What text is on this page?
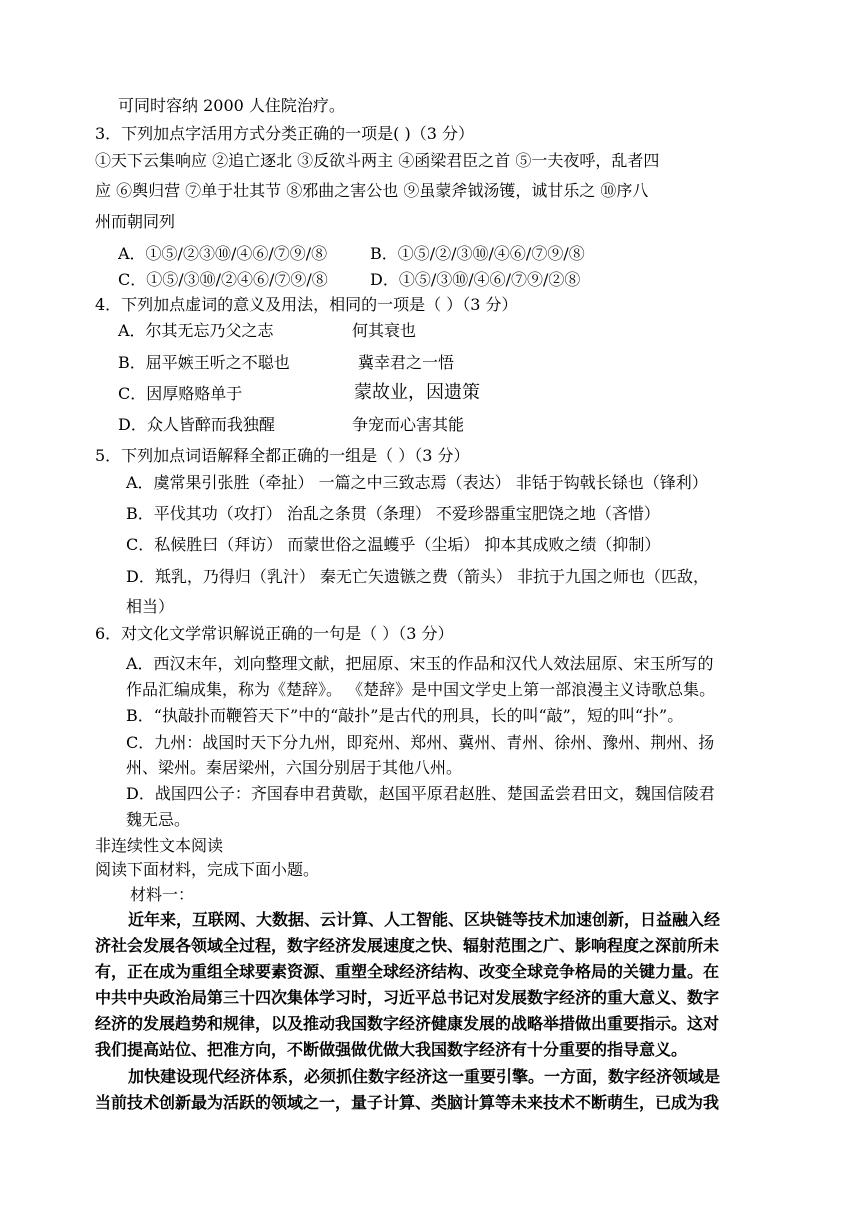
可同时容纳 2000 人住院治疗。
3．下列加点字活用方式分类正确的一项是( )（3 分）
①天下云集响应 ②追亡逐北 ③反欲斗两主 ④函梁君臣之首 ⑤一夫夜呼，乱者四
应 ⑥舆归营 ⑦单于壮其节 ⑧邪曲之害公也 ⑨虽蒙斧钺汤镬，诚甘乐之 ⑩序八
州而朝同列
A．①⑤/②③⑩/④⑥/⑦⑨/⑧	B．①⑤/②/③⑩/④⑥/⑦⑨/⑧
C．①⑤/③⑩/②④⑥/⑦⑨/⑧	D．①⑤/③⑩/④⑥/⑦⑨/②⑧
4．下列加点虚词的意义及用法，相同的一项是（ ）（3 分）
A．尔其无忘乃父之志	何其衰也
B．屈平嫉王听之不聪也	冀幸君之一悟
C．因厚赂赂单于	蒙故业，因遗策
D．众人皆醉而我独醒	争宠而心害其能
5．下列加点词语解释全都正确的一组是（ ）（3 分）
A．虞常果引张胜（牵扯） 一篇之中三致志焉（表达） 非铦于钩戟长铩也（锋利）
B．平伐其功（攻打） 治乱之条贯（条理） 不爱珍器重宝肥饶之地（吝惜）
C．私候胜曰（拜访） 而蒙世俗之温蠖乎（尘垢） 抑本其成败之绩（抑制）
D．羝乳，乃得归（乳汁） 秦无亡矢遗镞之费（箭头） 非抗于九国之师也（匹敌，
相当）
6．对文化文学常识解说正确的一句是（ ）（3 分）
A．西汉末年，刘向整理文献，把屈原、宋玉的作品和汉代人效法屈原、宋玉所写的
作品汇编成集，称为《楚辞》。 《楚辞》是中国文学史上第一部浪漫主义诗歌总集。
B．“执敲扑而鞭笞天下”中的“敲扑”是古代的刑具，长的叫“敲”，短的叫“扑”。
C．九州：战国时天下分九州，即兖州、郑州、冀州、青州、徐州、豫州、荆州、扬
州、梁州。秦居梁州，六国分别居于其他八州。
D．战国四公子：齐国春申君黄歇，赵国平原君赵胜、楚国孟尝君田文，魏国信陵君
魏无忌。
非连续性文本阅读
阅读下面材料，完成下面小题。
材料一：
近年来，互联网、大数据、云计算、人工智能、区块链等技术加速创新，日益融入经
济社会发展各领域全过程，数字经济发展速度之快、辐射范围之广、影响程度之深前所未
有，正在成为重组全球要素资源、重塑全球经济结构、改变全球竞争格局的关键力量。在
中共中央政治局第三十四次集体学习时，习近平总书记对发展数字经济的重大意义、数字
经济的发展趋势和规律，以及推动我国数字经济健康发展的战略举措做出重要指示。这对
我们提高站位、把准方向，不断做强做优做大我国数字经济有十分重要的指导意义。
加快建设现代经济体系，必须抓住数字经济这一重要引擎。一方面，数字经济领域是
当前技术创新最为活跃的领域之一，量子计算、类脑计算等未来技术不断萌生，已成为我
